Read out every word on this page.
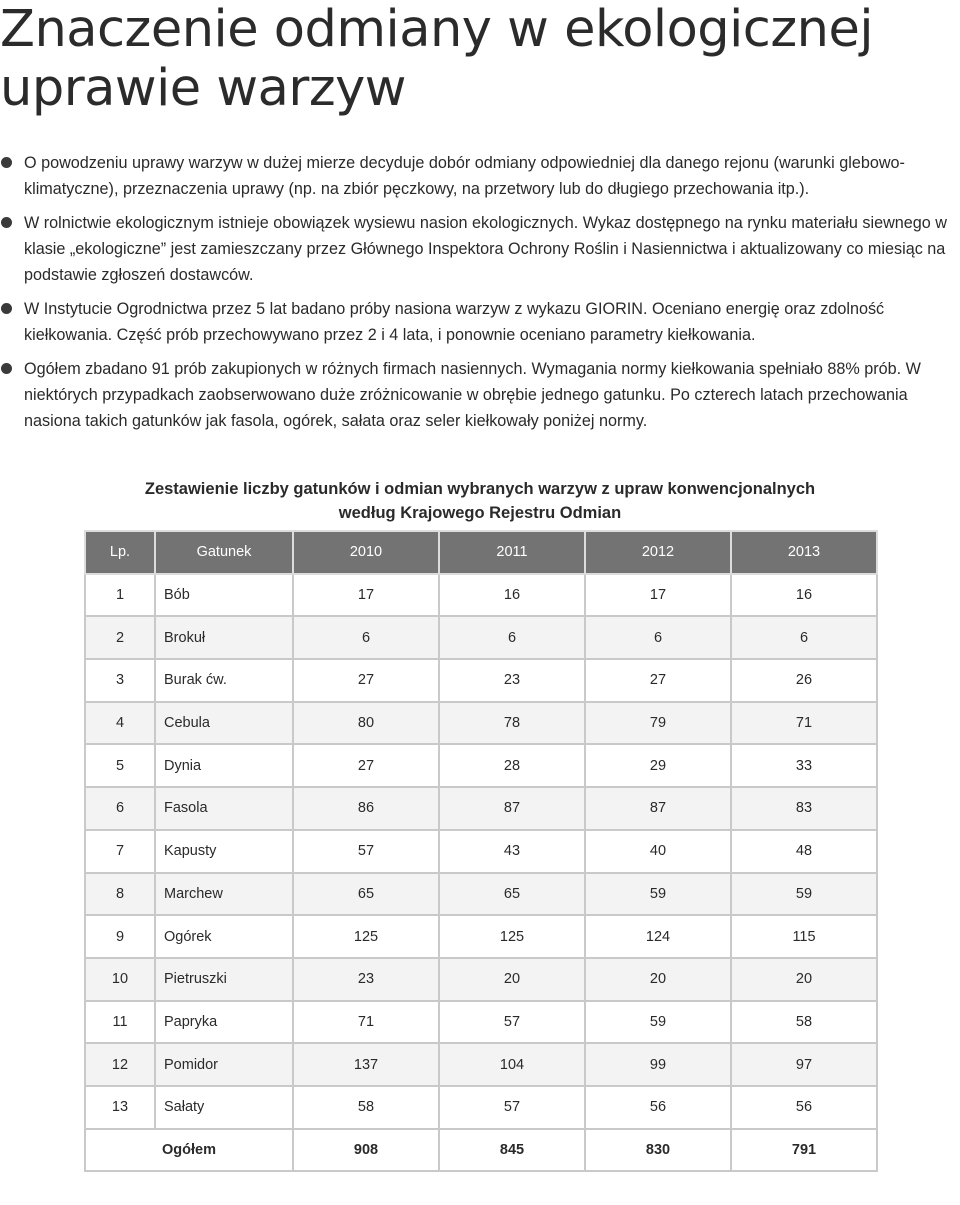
Znaczenie odmiany w ekologicznej uprawie warzyw
O powodzeniu uprawy warzyw w dużej mierze decyduje dobór odmiany odpowiedniej dla danego rejonu (warunki glebowo-klimatyczne), przeznaczenia uprawy (np. na zbiór pęczkowy, na przetwory lub do długiego przechowania itp.).
W rolnictwie ekologicznym istnieje obowiązek wysiewu nasion ekologicznych. Wykaz dostępnego na rynku materiału siewnego w klasie „ekologiczne” jest zamieszczany przez Głównego Inspektora Ochrony Roślin i Nasiennictwa i aktualizowany co miesiąc na podstawie zgłoszeń dostawców.
W Instytucie Ogrodnictwa przez 5 lat badano próby nasiona warzyw z wykazu GIORIN. Oceniano energię oraz zdolność kiełkowania. Część prób przechowywano przez 2 i 4 lata, i ponownie oceniano parametry kiełkowania.
Ogółem zbadano 91 prób zakupionych w różnych firmach nasiennych. Wymagania normy kiełkowania spełniało 88% prób. W niektórych przypadkach zaobserwowano duże zróżnicowanie w obrębie jednego gatunku. Po czterech latach przechowania nasiona takich gatunków jak fasola, ogórek, sałata oraz seler kiełkowały poniżej normy.
Zestawienie liczby gatunków i odmian wybranych warzyw z upraw konwencjonalnych
według Krajowego Rejestru Odmian
Lp.	Gatunek	2010	2011	2012	2013
1	Bób	17	16	17	16
2	Brokuł	6	6	6	6
3	Burak ćw.	27	23	27	26
4	Cebula	80	78	79	71
5	Dynia	27	28	29	33
6	Fasola	86	87	87	83
7	Kapusty	57	43	40	48
8	Marchew	65	65	59	59
9	Ogórek	125	125	124	115
10	Pietruszki	23	20	20	20
11	Papryka	71	57	59	58
12	Pomidor	137	104	99	97
13	Sałaty	58	57	56	56
Ogółem		908	845	830	791
